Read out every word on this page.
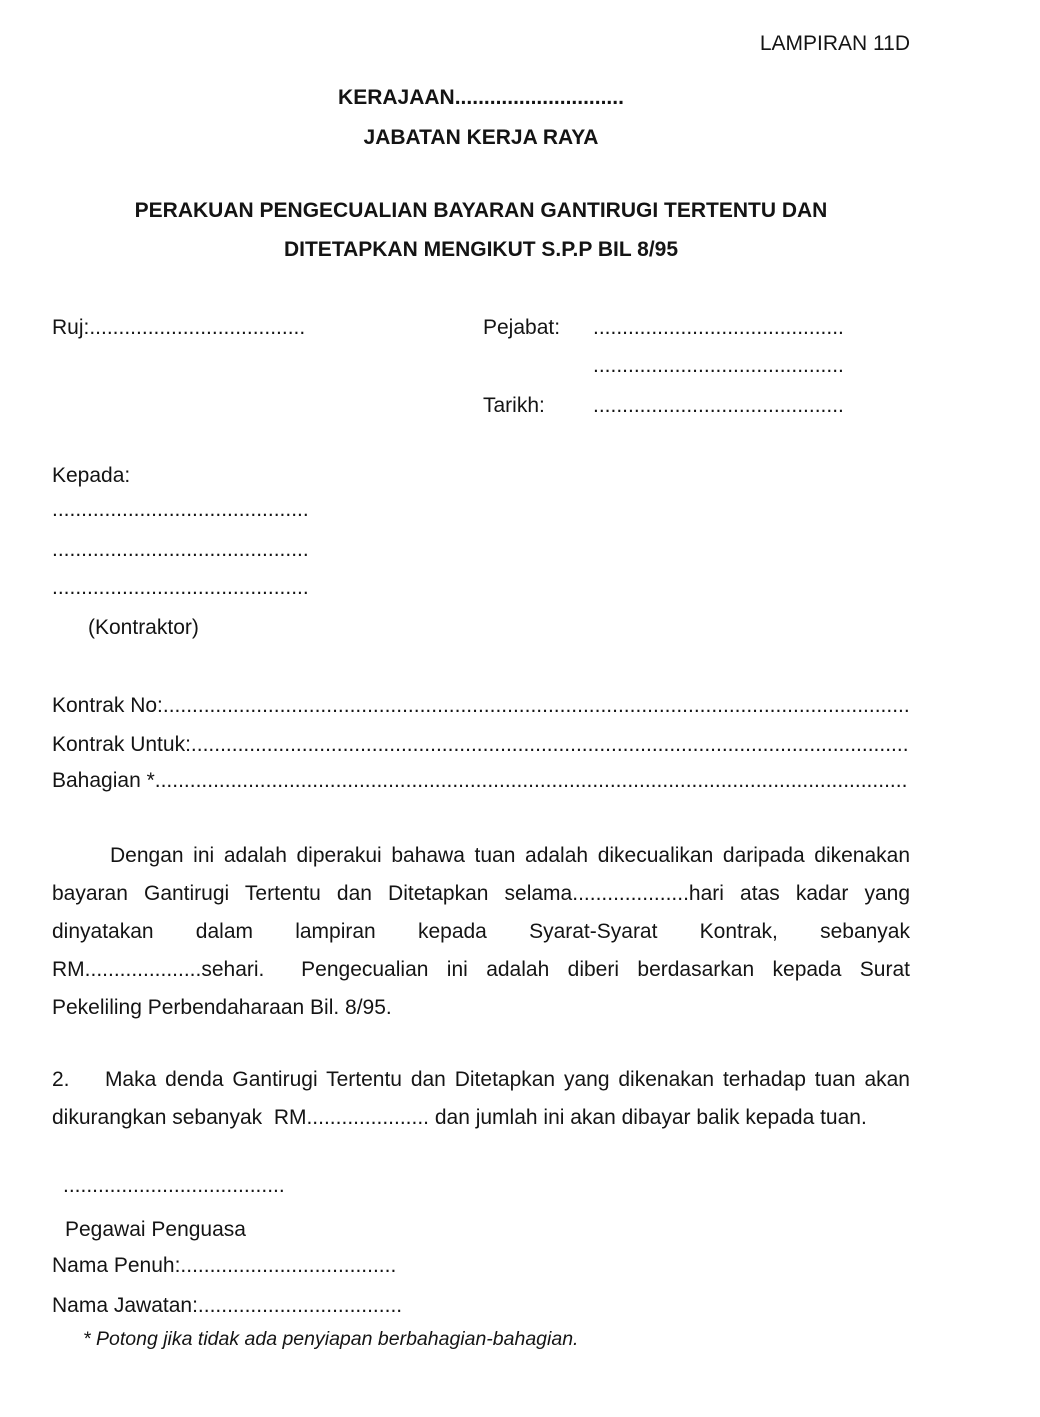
LAMPIRAN 11D
KERAJAAN.............................
JABATAN KERJA RAYA
PERAKUAN PENGECUALIAN BAYARAN GANTIRUGI TERTENTU DAN
DITETAPKAN MENGIKUT S.P.P BIL 8/95
Ruj:.....................................	Pejabat: ...........................................
...........................................
Tarikh: ...........................................
Kepada:
............................................
............................................
............................................
(Kontraktor)
Kontrak No:................................................................................................................................
Kontrak Untuk:...........................................................................................................................
Bahagian *.................................................................................................................................
Dengan ini adalah diperakui bahawa tuan adalah dikecualikan daripada dikenakan
bayaran Gantirugi Tertentu dan Ditetapkan selama....................hari atas kadar yang
dinyatakan dalam lampiran kepada Syarat-Syarat Kontrak, sebanyak
RM....................sehari.  Pengecualian ini adalah diberi berdasarkan kepada Surat
Pekeliling Perbendaharaan Bil. 8/95.
2.    Maka denda Gantirugi Tertentu dan Ditetapkan yang dikenakan terhadap tuan akan
dikurangkan sebanyak  RM..................... dan jumlah ini akan dibayar balik kepada tuan.
......................................
Pegawai Penguasa
Nama Penuh:.....................................
Nama Jawatan:...................................
* Potong jika tidak ada penyiapan berbahagian-bahagian.
